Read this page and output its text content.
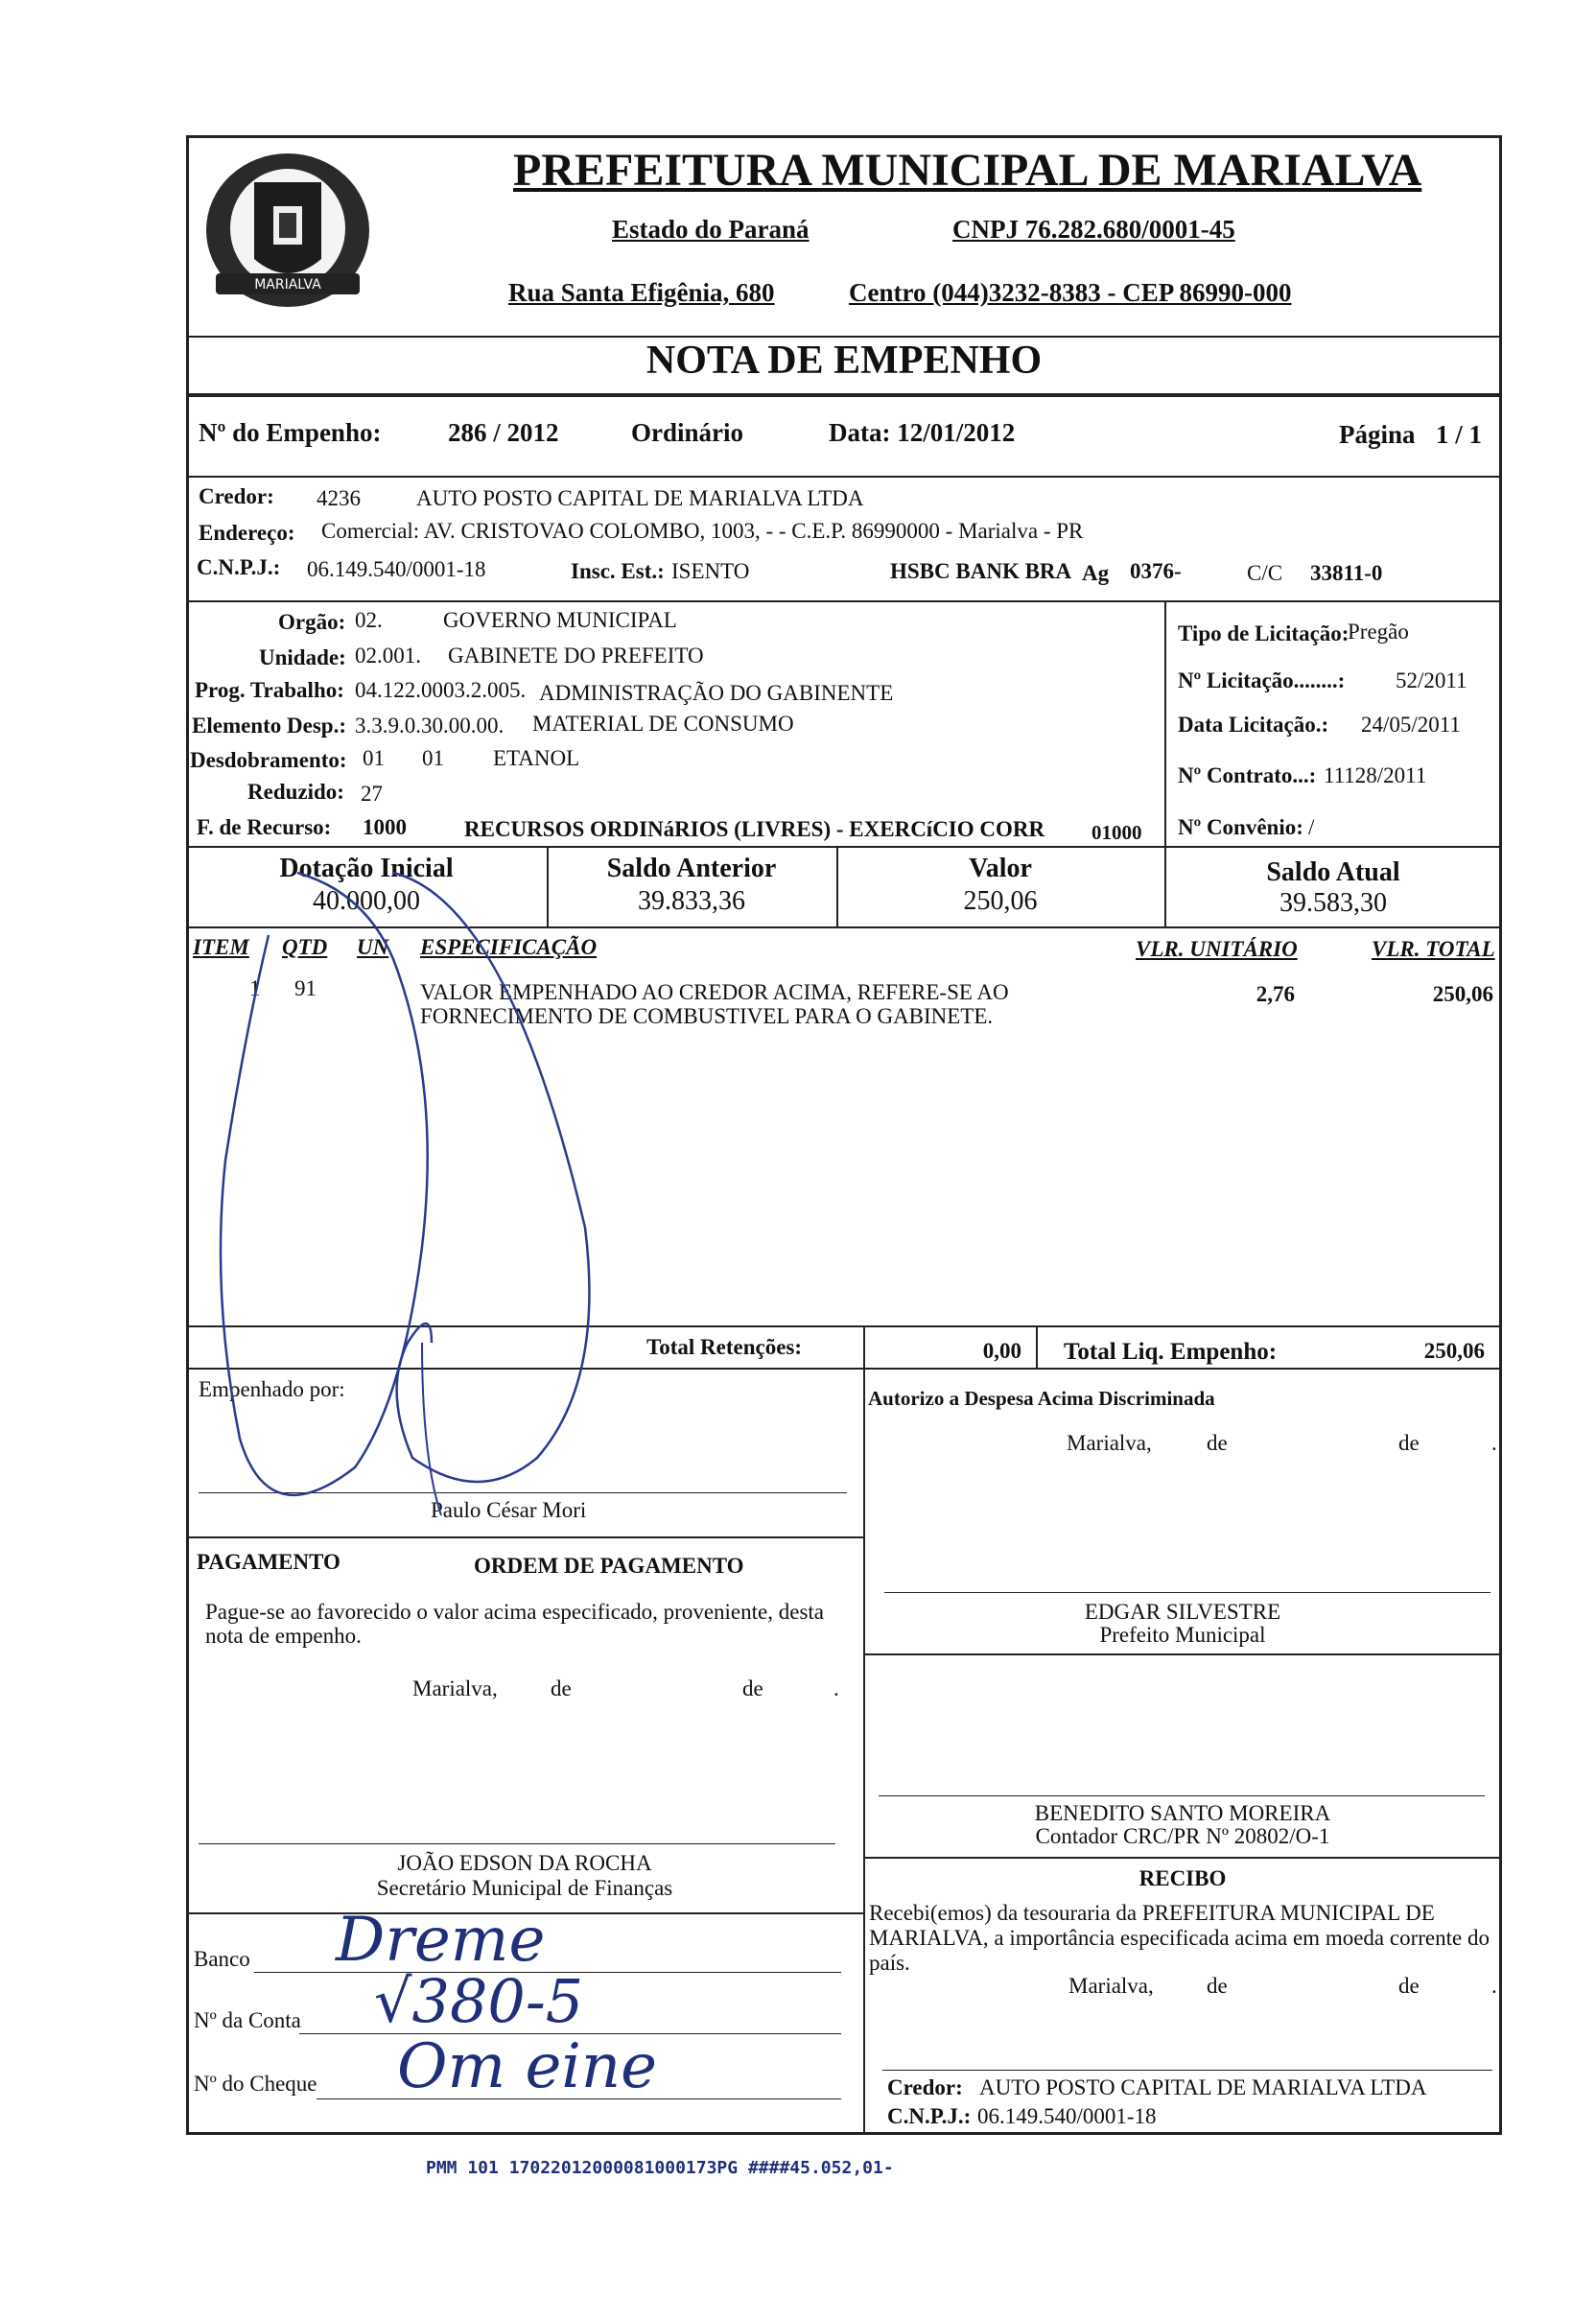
MARIALVA
PREFEITURA MUNICIPAL DE MARIALVA
Estado do Paraná	CNPJ 76.282.680/0001-45
Rua Santa Efigênia, 680	Centro (044)3232-8383 - CEP 86990-000
NOTA DE EMPENHO
Nº do Empenho:	286 / 2012	Ordinário	Data: 12/01/2012	Página 1 / 1
Credor: 4236	AUTO POSTO CAPITAL DE MARIALVA LTDA
Endereço: Comercial: AV. CRISTOVAO COLOMBO, 1003, - - C.E.P. 86990000 - Marialva - PR
C.N.P.J.: 06.149.540/0001-18	Insc. Est.: ISENTO	HSBC BANK BRA Ag 0376-	C/C 33811-0
Orgão: 02.	GOVERNO MUNICIPAL
Unidade: 02.001. GABINETE DO PREFEITO
Prog. Trabalho: 04.122.0003.2.005. ADMINISTRAÇÃO DO GABINENTE
Elemento Desp.: 3.3.9.0.30.00.00. MATERIAL DE CONSUMO
Desdobramento: 01 01 ETANOL
Reduzido: 27
F. de Recurso: 1000	RECURSOS ORDINáRIOS (LIVRES) - EXERCíCIO CORR 01000
Tipo de Licitação:
Pregão
Nº Licitação........: 52/2011
Data Licitação.: 24/05/2011
Nº Contrato...: 11128/2011
Nº Convênio: /
Dotação Inicial
40.000,00
Saldo Anterior
39.833,36
Valor
250,06
Saldo Atual
39.583,30
ITEM QTD UN ESPECIFICAÇÃO	VLR. UNITÁRIO	VLR. TOTAL
1 91	VALOR EMPENHADO AO CREDOR ACIMA, REFERE-SE AO
FORNECIMENTO DE COMBUSTIVEL PARA O GABINETE.
2,76	250,06
Total Retenções:	0,00 Total Liq. Empenho:	250,06
Empenhado por:
Paulo César Mori
Autorizo a Despesa Acima Discriminada
Marialva, de	de	.
EDGAR SILVESTRE
Prefeito Municipal
BENEDITO SANTO MOREIRA
Contador CRC/PR Nº 20802/O-1
RECIBO
Recebi(emos) da tesouraria da PREFEITURA MUNICIPAL DE
MARIALVA, a importância especificada acima em moeda corrente do
país.
Marialva, de	de	.
Credor: AUTO POSTO CAPITAL DE MARIALVA LTDA
C.N.P.J.: 06.149.540/0001-18
PAGAMENTO	ORDEM DE PAGAMENTO
Pague-se ao favorecido o valor acima especificado, proveniente, desta
nota de empenho.
Marialva, de	de	.
JOÃO EDSON DA ROCHA
Secretário Municipal de Finanças
Banco Dreme
Nº da Conta √380-5
Nº do Cheque Om eine
PMM 101 17022012000081000173PG ####45.052,01-
